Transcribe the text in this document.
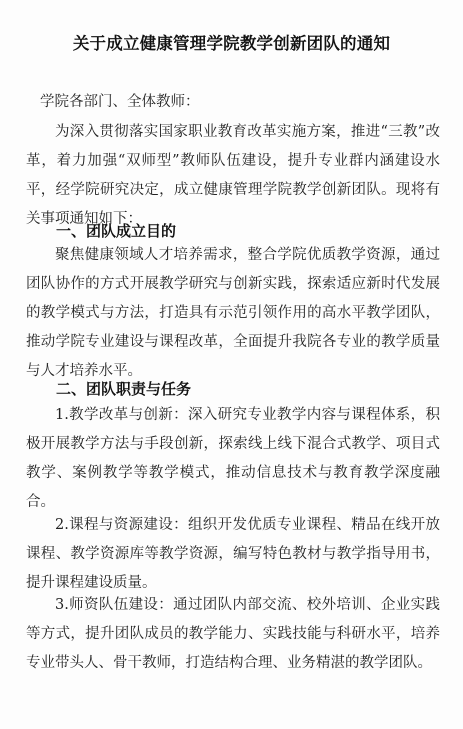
关于成立健康管理学院教学创新团队的通知
学院各部门、全体教师：
为深入贯彻落实国家职业教育改革实施方案，推进“三教”改革，着力加强“双师型”教师队伍建设，提升专业群内涵建设水平，经学院研究决定，成立健康管理学院教学创新团队。现将有关事项通知如下：
一、团队成立目的
聚焦健康领域人才培养需求，整合学院优质教学资源，通过团队协作的方式开展教学研究与创新实践，探索适应新时代发展的教学模式与方法，打造具有示范引领作用的高水平教学团队，推动学院专业建设与课程改革，全面提升我院各专业的教学质量与人才培养水平。
二、团队职责与任务
1.教学改革与创新：深入研究专业教学内容与课程体系，积极开展教学方法与手段创新，探索线上线下混合式教学、项目式教学、案例教学等教学模式，推动信息技术与教育教学深度融合。
2.课程与资源建设：组织开发优质专业课程、精品在线开放课程、教学资源库等教学资源，编写特色教材与教学指导用书，提升课程建设质量。
3.师资队伍建设：通过团队内部交流、校外培训、企业实践等方式，提升团队成员的教学能力、实践技能与科研水平，培养专业带头人、骨干教师，打造结构合理、业务精湛的教学团队。
